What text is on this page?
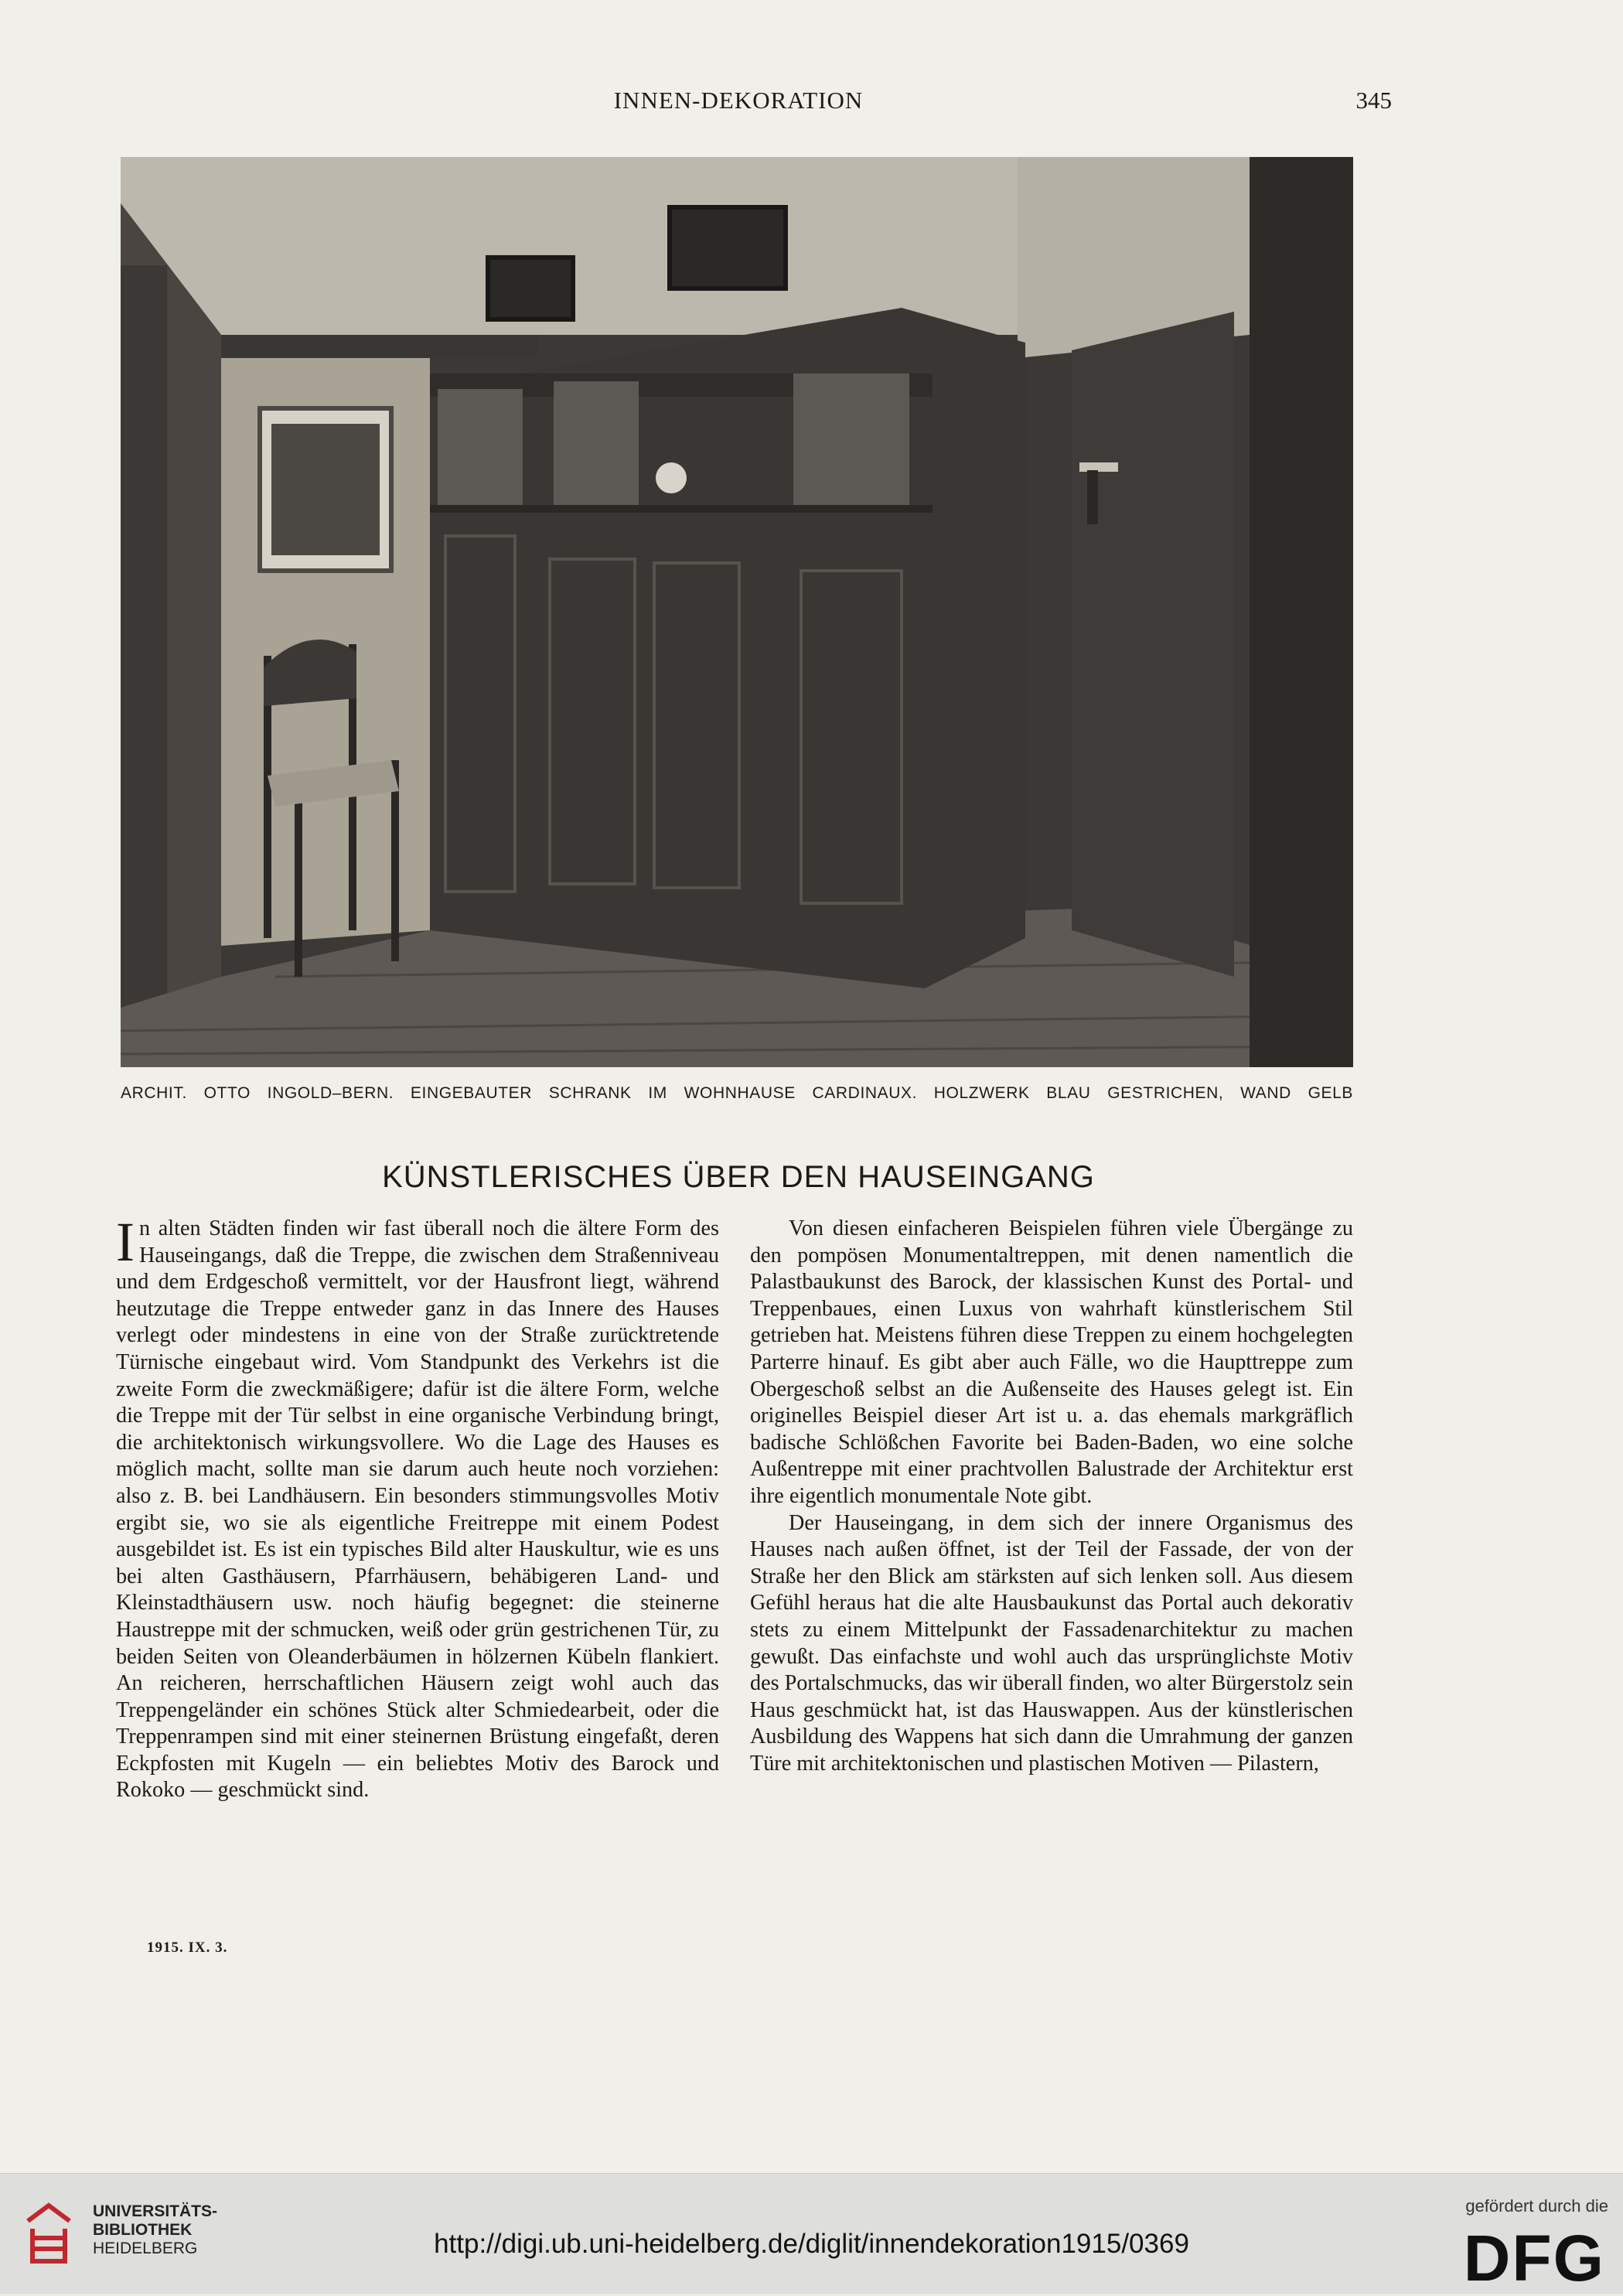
INNEN-DEKORATION	345
ARCHIT. OTTO INGOLD–BERN. EINGEBAUTER SCHRANK IM WOHNHAUSE CARDINAUX. HOLZWERK BLAU GESTRICHEN, WAND GELB
KÜNSTLERISCHES ÜBER DEN HAUSEINGANG

In alten Städten finden wir fast überall noch die ältere Form des Hauseingangs, daß die Treppe, die zwischen dem Straßenniveau und dem Erdgeschoß vermittelt, vor der Hausfront liegt, während heutzutage die Treppe entweder ganz in das Innere des Hauses verlegt oder mindestens in eine von der Straße zurücktretende Türnische eingebaut wird. Vom Standpunkt des Verkehrs ist die zweite Form die zweckmäßigere; dafür ist die ältere Form, welche die Treppe mit der Tür selbst in eine organische Verbindung bringt, die architektonisch wirkungsvollere. Wo die Lage des Hauses es möglich macht, sollte man sie darum auch heute noch vorziehen: also z. B. bei Landhäusern. Ein besonders stimmungsvolles Motiv ergibt sie, wo sie als eigentliche Freitreppe mit einem Podest ausgebildet ist. Es ist ein typisches Bild alter Hauskultur, wie es uns bei alten Gasthäusern, Pfarrhäusern, behäbigeren Land- und Kleinstadthäusern usw. noch häufig begegnet: die steinerne Haustreppe mit der schmucken, weiß oder grün gestrichenen Tür, zu beiden Seiten von Oleanderbäumen in hölzernen Kübeln flankiert. An reicheren, herrschaftlichen Häusern zeigt wohl auch das Treppengeländer ein schönes Stück alter Schmiedearbeit, oder die Treppenrampen sind mit einer steinernen Brüstung eingefaßt, deren Eckpfosten mit Kugeln — ein beliebtes Motiv des Barock und Rokoko — geschmückt sind.

Von diesen einfacheren Beispielen führen viele Übergänge zu den pompösen Monumentaltreppen, mit denen namentlich die Palastbaukunst des Barock, der klassischen Kunst des Portal- und Treppenbaues, einen Luxus von wahrhaft künstlerischem Stil getrieben hat. Meistens führen diese Treppen zu einem hochgelegten Parterre hinauf. Es gibt aber auch Fälle, wo die Haupttreppe zum Obergeschoß selbst an die Außenseite des Hauses gelegt ist. Ein originelles Beispiel dieser Art ist u. a. das ehemals markgräflich badische Schlößchen Favorite bei Baden-Baden, wo eine solche Außentreppe mit einer prachtvollen Balustrade der Architektur erst ihre eigentlich monumentale Note gibt.

Der Hauseingang, in dem sich der innere Organismus des Hauses nach außen öffnet, ist der Teil der Fassade, der von der Straße her den Blick am stärksten auf sich lenken soll. Aus diesem Gefühl heraus hat die alte Hausbaukunst das Portal auch dekorativ stets zu einem Mittelpunkt der Fassadenarchitektur zu machen gewußt. Das einfachste und wohl auch das ursprünglichste Motiv des Portalschmucks, das wir überall finden, wo alter Bürgerstolz sein Haus geschmückt hat, ist das Hauswappen. Aus der künstlerischen Ausbildung des Wappens hat sich dann die Umrahmung der ganzen Türe mit architektonischen und plastischen Motiven — Pilastern,

1915. IX. 3.
UNIVERSITÄTS-
BIBLIOTHEK
HEIDELBERG	http://digi.ub.uni-heidelberg.de/diglit/innendekoration1915/0369
gefördert durch die
DFG
